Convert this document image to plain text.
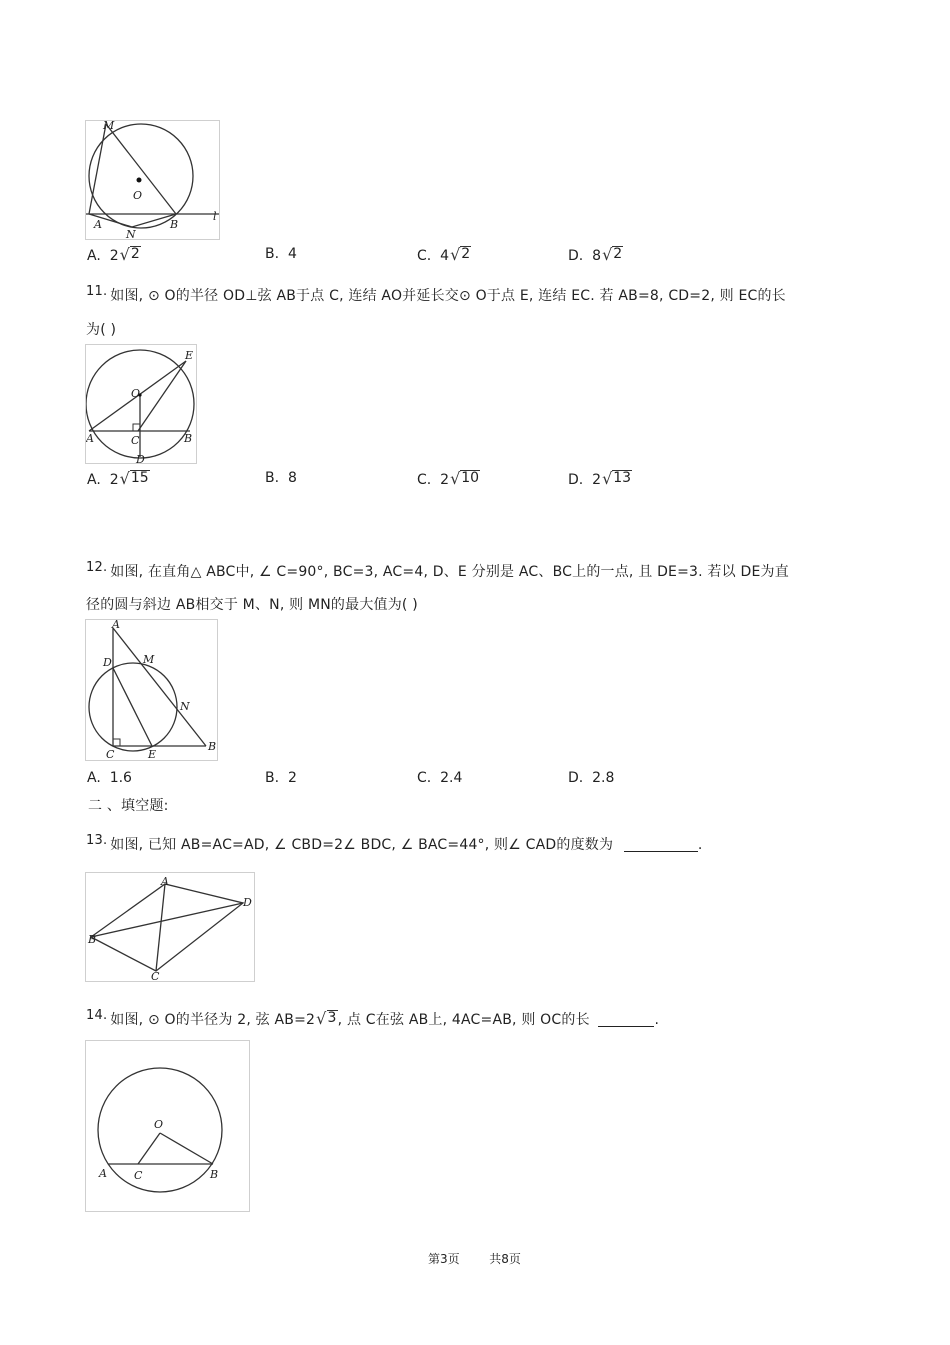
M
O
A
N
B
l
A. 2 √ 2	B. 4	C. 4 √ 2	D. 8 √ 2
11. 如图, ⊙ O的半径 OD⊥弦 AB于点 C, 连结 AO并延长交⊙ O于点 E, 连结 EC. 若 AB=8, CD=2, 则 EC的长
为( )
E
O
A	C	B
D
A. 2 √ 15	B. 8	C. 2 √ 10	D. 2 √ 13
12. 如图, 在直角△ ABC中, ∠ C=90°, BC=3, AC=4, D、E 分别是 AC、BC上的一点, 且 DE=3. 若以 DE为直
径的圆与斜边 AB相交于 M、N, 则 MN的最大值为( )
A
D	M
N
C	E
B
A. 1.6	B. 2	C. 2.4	D. 2.8
二 、填空题:
13. 如图, 已知 AB=AC=AD, ∠ CBD=2∠ BDC, ∠ BAC=44°, 则∠ CAD的度数为	.
A
D
B
C
14. 如图, ⊙ O的半径为 2, 弦 AB=2 √ 3 , 点 C在弦 AB上, 4AC=AB, 则 OC的长	.
O
A C	B
第3页 共8页
